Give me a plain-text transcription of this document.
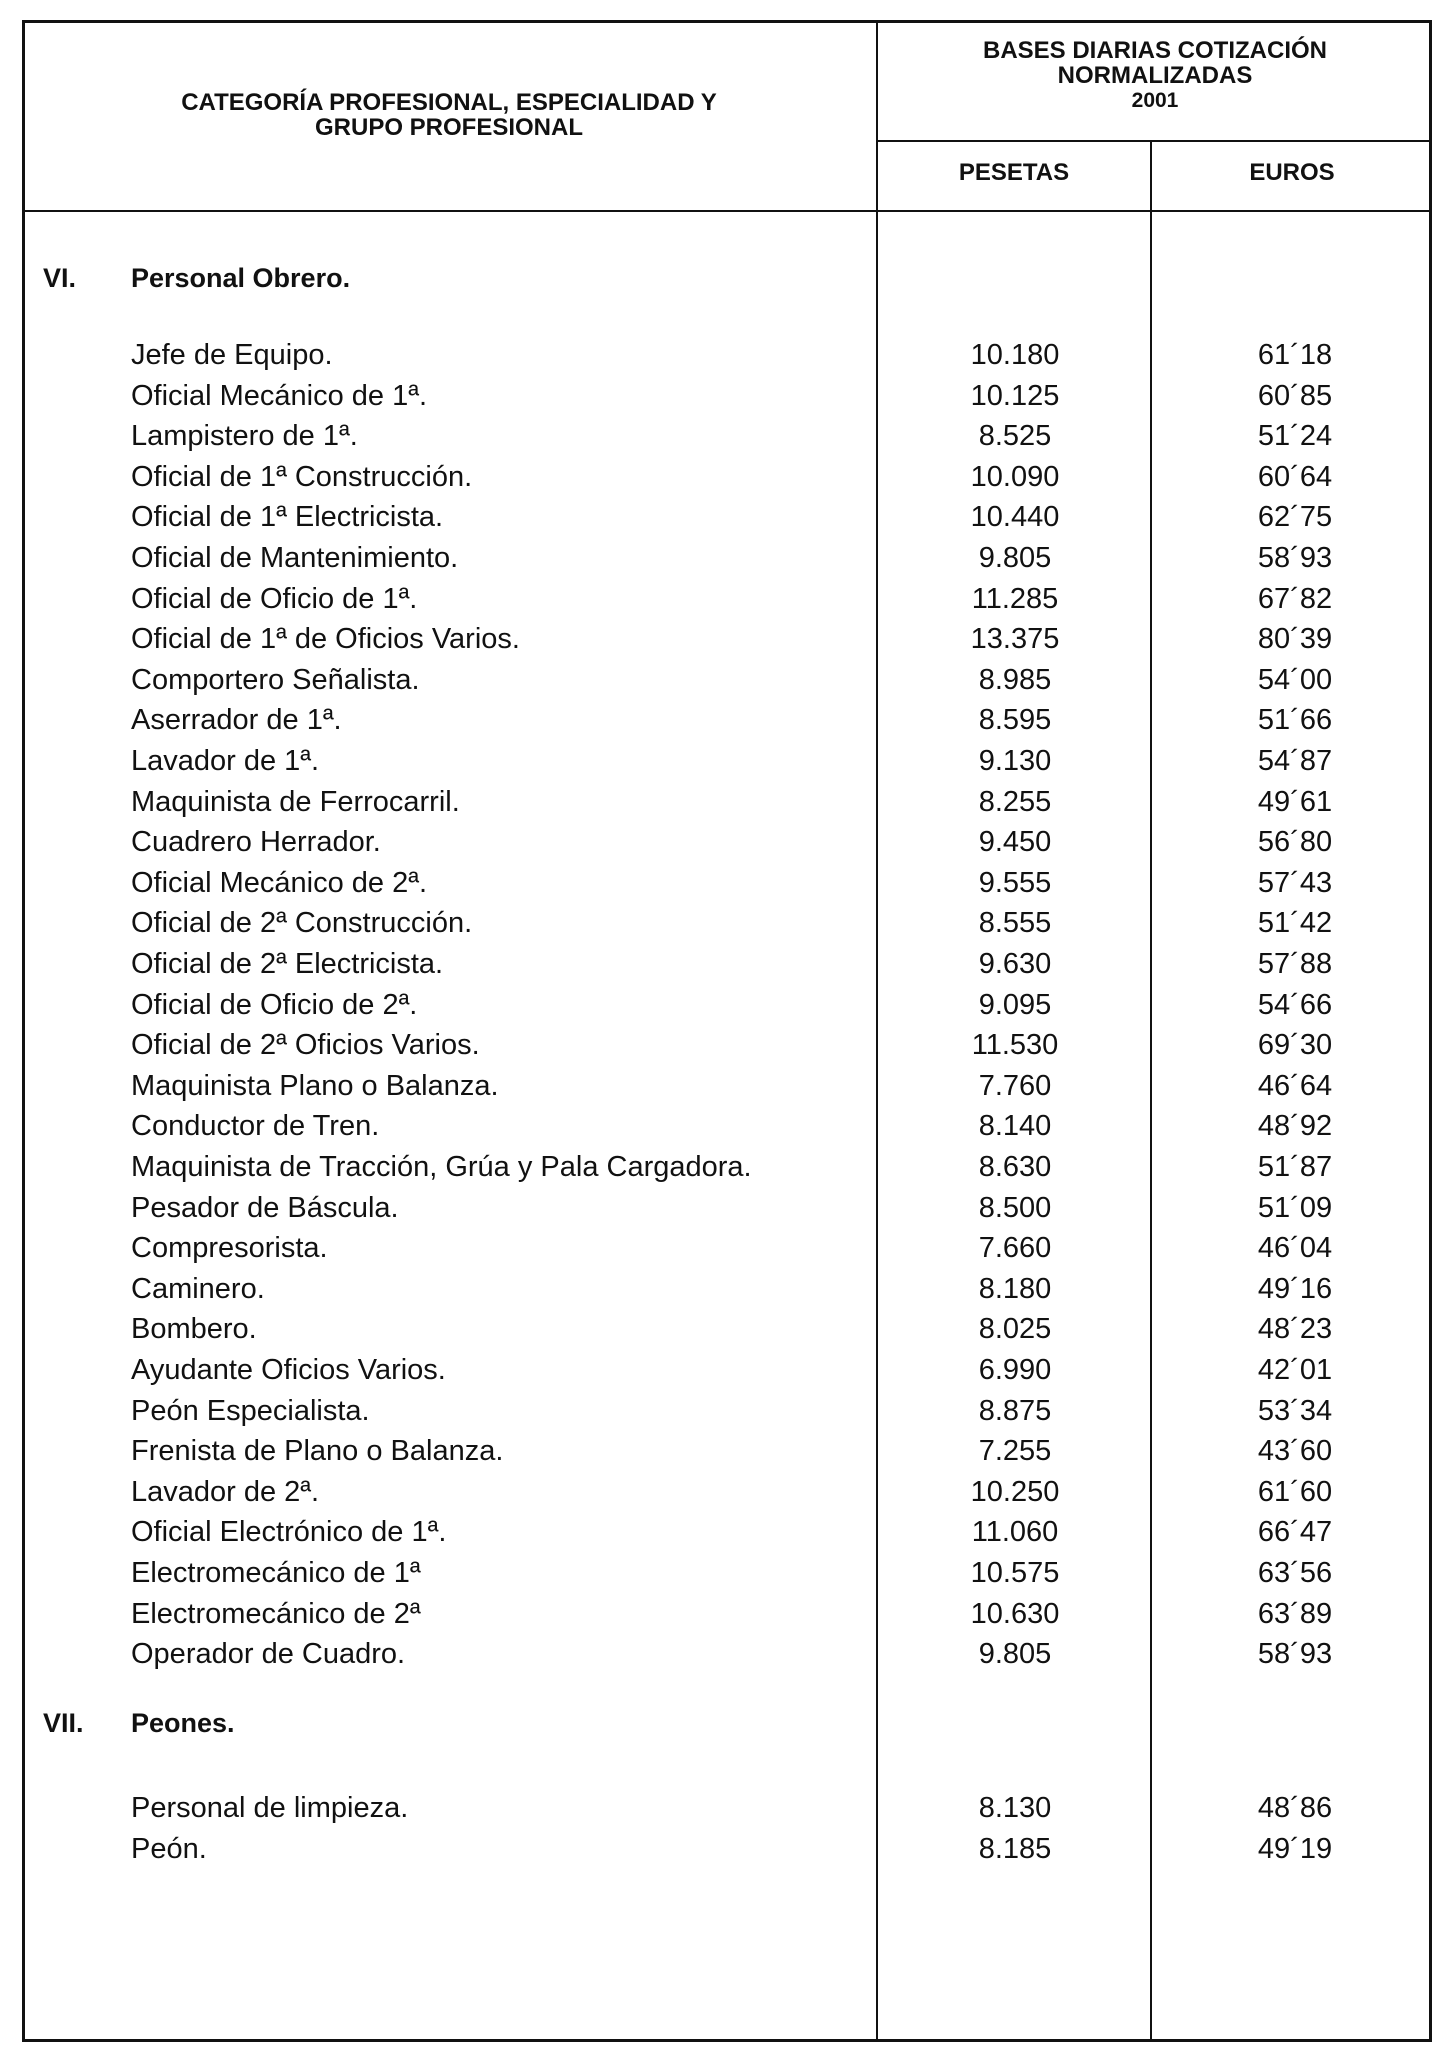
CATEGORÍA PROFESIONAL, ESPECIALIDAD Y
GRUPO PROFESIONAL
BASES DIARIAS COTIZACIÓN
NORMALIZADAS
2001
PESETAS	EUROS
VI. Personal Obrero.
Jefe de Equipo.	10.180	61´18
Oficial Mecánico de 1ª.	10.125	60´85
Lampistero de 1ª.	8.525	51´24
Oficial de 1ª Construcción.	10.090	60´64
Oficial de 1ª Electricista.	10.440	62´75
Oficial de Mantenimiento.	9.805	58´93
Oficial de Oficio de 1ª.	11.285	67´82
Oficial de 1ª de Oficios Varios.	13.375	80´39
Comportero Señalista.	8.985	54´00
Aserrador de 1ª.	8.595	51´66
Lavador de 1ª.	9.130	54´87
Maquinista de Ferrocarril.	8.255	49´61
Cuadrero Herrador.	9.450	56´80
Oficial Mecánico de 2ª.	9.555	57´43
Oficial de 2ª Construcción.	8.555	51´42
Oficial de 2ª Electricista.	9.630	57´88
Oficial de Oficio de 2ª.	9.095	54´66
Oficial de 2ª Oficios Varios.	11.530	69´30
Maquinista Plano o Balanza.	7.760	46´64
Conductor de Tren.	8.140	48´92
Maquinista de Tracción, Grúa y Pala Cargadora.	8.630	51´87
Pesador de Báscula.	8.500	51´09
Compresorista.	7.660	46´04
Caminero.	8.180	49´16
Bombero.	8.025	48´23
Ayudante Oficios Varios.	6.990	42´01
Peón Especialista.	8.875	53´34
Frenista de Plano o Balanza.	7.255	43´60
Lavador de 2ª.	10.250	61´60
Oficial Electrónico de 1ª.	11.060	66´47
Electromecánico de 1ª	10.575	63´56
Electromecánico de 2ª	10.630	63´89
Operador de Cuadro.	9.805	58´93
VII. Peones.
Personal de limpieza.	8.130	48´86
Peón.	8.185	49´19
